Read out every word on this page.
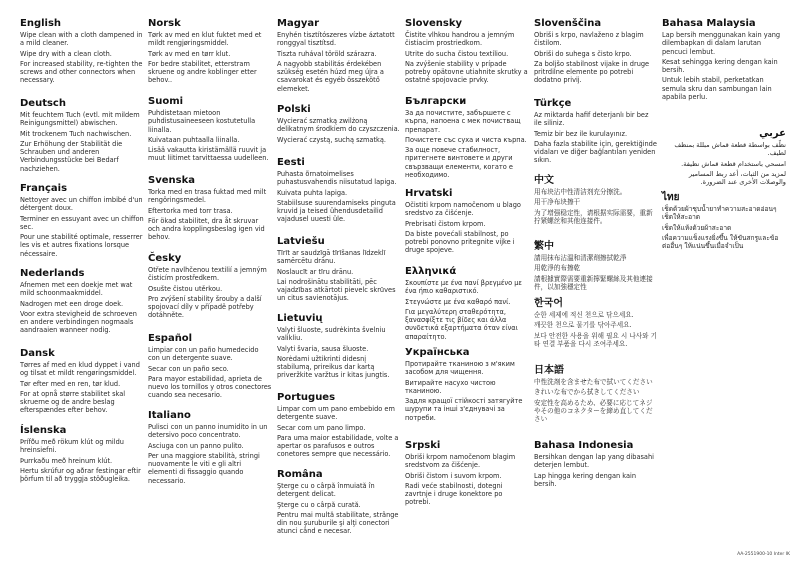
English

Wipe clean with a cloth dampened in a mild cleaner.

Wipe dry with a clean cloth.

For increased stability, re-tighten the screws and other connectors when necessary.

Deutsch

Mit feuchtem Tuch (evtl. mit mildem Reinigungsmittel) abwischen.

Mit trockenem Tuch nachwischen.

Zur Erhöhung der Stabilität die Schrauben und anderen Verbindungsstücke bei Bedarf nachziehen.

Français

Nettoyer avec un chiffon imbibé d'un détergent doux.

Terminer en essuyant avec un chiffon sec.

Pour une stabilité optimale, resserrer les vis et autres fixations lorsque nécessaire.

Nederlands

Afnemen met een doekje met wat mild schoonmaakmiddel.

Nadrogen met een droge doek.

Voor extra stevigheid de schroeven en andere verbindingen nogmaals aandraaien wanneer nodig.

Dansk

Tørres af med en klud dyppet i vand og tilsat et mildt rengøringsmiddel.

Tør efter med en ren, tør klud.

For at opnå større stabilitet skal skruerne og de andre beslag efterspændes efter behov.

Íslenska

Þrífðu með rökum klút og mildu hreinsiefni.

Þurrkaðu með hreinum klút.

Hertu skrúfur og aðrar festingar eftir þörfum til að tryggja stöðugleika.

Norsk

Tørk av med en klut fuktet med et mildt rengjøringsmiddel.

Tørk av med en tørr klut.

For bedre stabilitet, etterstram skruene og andre koblinger etter behov..

Suomi

Puhdistetaan mietoon puhdistusaineeseen kostutetulla liinalla.

Kuivataan puhtaalla liinalla.

Lisää vakautta kiristämällä ruuvit ja muut liitimet tarvittaessa uudelleen.

Svenska

Torka med en trasa fuktad med milt rengöringsmedel.

Eftertorka med torr trasa.

För ökad stabilitet, dra åt skruvar och andra kopplingsbeslag igen vid behov.

Česky

Otřete navlhčenou textilií a jemným čisticím prostředkem.

Osušte čistou utěrkou.

Pro zvýšení stability šrouby a další spojovací díly v případě potřeby dotáhněte.

Español

Limpiar con un paño humedecido con un detergente suave.

Secar con un paño seco.

Para mayor estabilidad, aprieta de nuevo los tornillos y otros conectores cuando sea necesario.

Italiano

Pulisci con un panno inumidito in un detersivo poco concentrato.

Asciuga con un panno pulito.

Per una maggiore stabilità, stringi nuovamente le viti e gli altri elementi di fissaggio quando necessario.

Magyar

Enyhén tisztítószeres vízbe áztatott ronggyal tisztítsd.

Tiszta ruhával töröld szárazra.

A nagyobb stabilitás érdekében szükség esetén húzd meg újra a csavarokat és egyéb összekötő elemeket.

Polski

Wycierać szmatką zwilżoną delikatnym środkiem do czyszczenia.

Wycierać czystą, suchą szmatką.

Eesti

Puhasta õrnatoimelises puhastusvahendis niisutatud lapiga.

Kuivata puhta lapiga.

Stabiilsuse suurendamiseks pinguta kruvid ja teised ühendusdetailid vajadusel uuesti üle.

Latviešu

Tīrīt ar saudzīgā tīrīšanas līdzeklī samērcētu drānu.

Noslaucīt ar tīru drānu.

Lai nodrošinātu stabilitāti, pēc vajadzības atkārtoti pievelc skrūves un citus savienotājus.

Lietuvių

Valyti šluoste, sudrėkinta švelniu valikliu.

Valyti švaria, sausa šluoste.

Norėdami užtikrinti didesnį stabilumą, prireikus dar kartą priveržkite varžtus ir kitas jungtis.

Portugues

Limpar com um pano embebido em detergente suave.

Secar com um pano limpo.

Para uma maior estabilidade, volte a apertar os parafusos e outros conetores sempre que necessário.

Româna

Şterge cu o cârpă înmuiată în detergent delicat.

Şterge cu o cârpă curată.

Pentru mai multă stabilitate, strânge din nou şuruburile şi alţi conectori atunci când e necesar.

Slovensky

Čistite vlhkou handrou a jemným čistiacim prostriedkom.

Utrite do sucha čistou textíliou.

Na zvýšenie stability v prípade potreby opätovne utiahnite skrutky a ostatné spojovacie prvky.

Български

За да почистите, забършете с кърпа, напоена с мек почистващ препарат.

Почистете със суха и чиста кърпа.

За още повече стабилност, притегнете винтовете и други свързващи елементи, когато е необходимо.

Hrvatski

Očistiti krpom namočenom u blago sredstvo za čišćenje.

Prebrisati čistom krpom.

Da biste povećali stabilnost, po potrebi ponovno pritegnite vijke i druge spojeve.

Ελληνικά

Σκουπίστε με ένα πανί βρεγμένο με ένα ήπιο καθαριστικό.

Στεγνώστε με ένα καθαρό πανί.

Για μεγαλύτερη σταθερότητα, ξανασφίξτε τις βίδες και άλλα συνδετικά εξαρτήματα όταν είναι απαραίτητο.

Українська

Протирайте тканиною з м'яким засобом для чищення.

Витирайте насухо чистою тканиною.

Задля кращої стійкості затягуйте шурупи та інші з'єднувачі за потреби.

Srpski

Obriši krpom namočenom blagim sredstvom za čišćenje.

Obriši čistom i suvom krpom.

Radi veće stabilnosti, dotegni zavrtnje i druge konektore po potrebi.

Slovenščina

Obriši s krpo, navlaženo z blagim čistilom.

Obriši do suhega s čisto krpo.

Za boljšo stabilnost vijake in druge pritrdilne elemente po potrebi dodatno privij.

Türkçe

Az miktarda hafif deterjanlı bir bez ile siliniz.

Temiz bir bez ile kurulayınız.

Daha fazla stabilite için, gerektiğinde vidaları ve diğer bağlantıları yeniden sıkın.

中文

用布块沾中性清洁剂充分擦洗。

用干净布块擦干

为了增强稳定性，请根据实际需要，重新拧紧螺丝和其他连接件。

繁中

請用抹布沾溫和清潔劑擦拭乾淨

用乾淨的布擦乾

請根據實際需要重新擰緊螺絲及其他連接件，以加強穩定性

한국어

순한 세제에 적신 천으로 닦으세요.

깨끗한 천으로 물기를 닦아주세요.

보다 안전한 사용을 위해 필요 시 나사와 기타 연결 부품을 다시 조여주세요.

日本語

中性洗剤を含ませた布で拭いてください

きれいな布でから拭きしてください

安定性を高めるため、必要に応じてネジやその他のコネクターを締め直してください

Bahasa Indonesia

Bersihkan dengan lap yang dibasahi deterjen lembut.

Lap hingga kering dengan kain bersih.

Bahasa Malaysia

Lap bersih menggunakan kain yang dilembapkan di dalam larutan pencuci lembut.

Kesat sehingga kering dengan kain bersih.

Untuk lebih stabil, perketatkan semula skru dan sambungan lain apabila perlu.

عربي

نظّف بواسطة قطعة قماش مبللة بمنظف لطيف.

امسحي باستخدام قطعة قماش نظيفة.

لمزيد من الثبات، أعد ربط المسامير والوصلات الأخرى عند الضرورة.

ไทย

เช็ดด้วยผ้าชุบน้ำยาทำความสะอาดอ่อนๆ เช็ดให้สะอาด

เช็ดให้แห้งด้วยผ้าสะอาด

เพื่อความแข็งแรงยิ่งขึ้น ให้ขันสกรูและข้อต่ออื่นๆ ให้แน่นขึ้นเมื่อจำเป็น

AA-2551900-10 Inter IK
